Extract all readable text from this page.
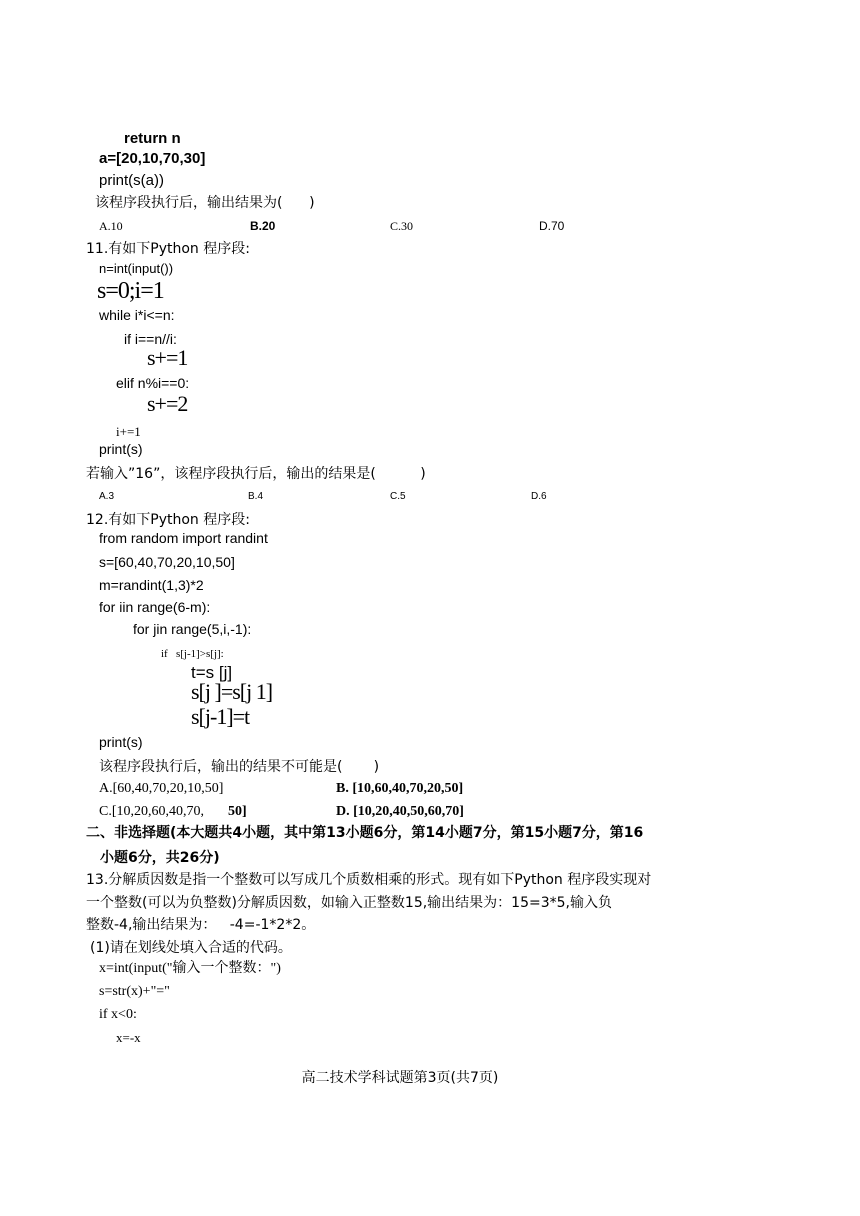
return n
a=[20,10,70,30]
print(s(a))
该程序段执行后，输出结果为(      )
A.10	B.20	C.30	D.70
11.有如下Python 程序段:
n=int(input())
s=0;i=1
while i*i<=n:
if i==n//i:
s+=1
elif n%i==0:
s+=2
i+=1
print(s)
若输入”16”，该程序段执行后，输出的结果是(          )
A.3	B.4	C.5	D.6
12.有如下Python 程序段:
from random import randint
s=[60,40,70,20,10,50]
m=randint(1,3)*2
for iin range(6-m):
for jin range(5,i,-1):
if   s[j-1]>s[j]:
t=s [j]
s[j ]=s[j 1]
s[j-1]=t
print(s)
该程序段执行后，输出的结果不可能是(       )
A.[60,40,70,20,10,50]	B. [10,60,40,70,20,50]
C.[10,20,60,40,70, 50]	D. [10,20,40,50,60,70]
二、非选择题(本大题共4小题，其中第13小题6分，第14小题7分，第15小题7分，第16
小题6分，共26分)
13.分解质因数是指一个整数可以写成几个质数相乘的形式。现有如下Python 程序段实现对
一个整数(可以为负整数)分解质因数，如输入正整数15,输出结果为：15=3*5,输入负
整数-4,输出结果为：   -4=-1*2*2。
(1)请在划线处填入合适的代码。
x=int(input("输入一个整数：")
s=str(x)+"="
if x<0:
x=-x
高二技术学科试题第3页(共7页)
